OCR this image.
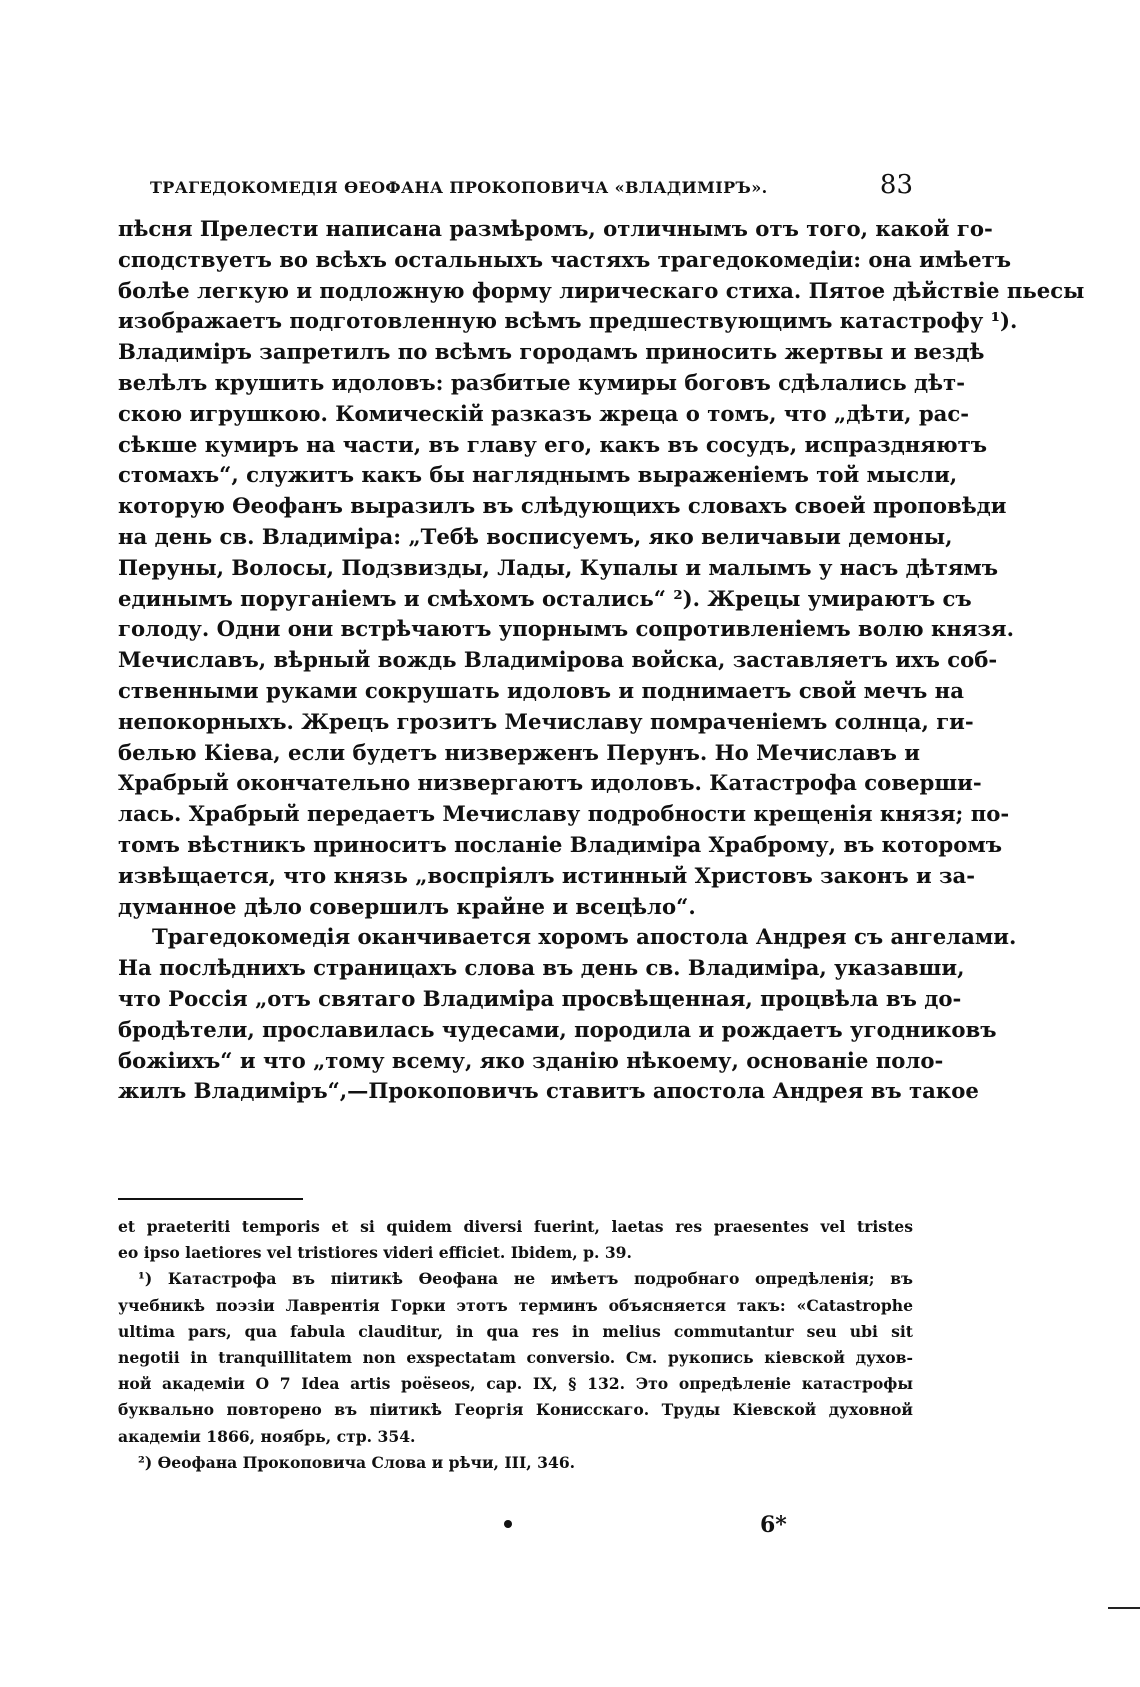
ТРАГЕДОКОМЕДІЯ ӨЕОФАНА ПРОКОПОВИЧА «ВЛАДИМІРЪ».	83
пѣсня Прелести написана размѣромъ, отличнымъ отъ того, какой го-
сподствуетъ во всѣхъ остальныхъ частяхъ трагедокомедіи: она имѣетъ
болѣе легкую и подложную форму лирическаго стиха. Пятое дѣйствіе пьесы
изображаетъ подготовленную всѣмъ предшествующимъ катастрофу ¹).
Владиміръ запретилъ по всѣмъ городамъ приносить жертвы и вездѣ
велѣлъ крушить идоловъ: разбитые кумиры боговъ сдѣлались дѣт-
скою игрушкою. Комическій разказъ жреца о томъ, что „дѣти, рас-
сѣкше кумиръ на части, въ главу его, какъ въ сосудъ, испраздняютъ
стомахъ“, служитъ какъ бы нагляднымъ выраженіемъ той мысли,
которую Өеофанъ выразилъ въ слѣдующихъ словахъ своей проповѣди
на день св. Владиміра: „Тебѣ восписуемъ, яко величавыи демоны,
Перуны, Волосы, Подзвизды, Лады, Купалы и малымъ у насъ дѣтямъ
единымъ поруганіемъ и смѣхомъ остались“ ²). Жрецы умираютъ съ
голоду. Одни они встрѣчаютъ упорнымъ сопротивленіемъ волю князя.
Мечиславъ, вѣрный вождь Владимірова войска, заставляетъ ихъ соб-
ственными руками сокрушать идоловъ и поднимаетъ свой мечъ на
непокорныхъ. Жрецъ грозитъ Мечиславу помраченіемъ солнца, ги-
белью Кіева, если будетъ низверженъ Перунъ. Но Мечиславъ и
Храбрый окончательно низвергаютъ идоловъ. Катастрофа соверши-
лась. Храбрый передаетъ Мечиславу подробности крещенія князя; по-
томъ вѣстникъ приноситъ посланіе Владиміра Храброму, въ которомъ
извѣщается, что князь „воспріялъ истинный Христовъ законъ и за-
думанное дѣло совершилъ крайне и всецѣло“.
Трагедокомедія оканчивается хоромъ апостола Андрея съ ангелами.
На послѣднихъ страницахъ слова въ день св. Владиміра, указавши,
что Россія „отъ святаго Владиміра просвѣщенная, процвѣла въ до-
бродѣтели, прославилась чудесами, породила и рождаетъ угодниковъ
божіихъ“ и что „тому всему, яко зданію нѣкоему, основаніе поло-
жилъ Владиміръ“,—Прокоповичъ ставитъ апостола Андрея въ такое
et praeteriti temporis et si quidem diversi fuerint, laetas res praesentes vel tristes
eo ipso laetiores vel tristiores videri efficiet. Ibidem, p. 39.
¹) Катастрофа въ піитикѣ Өеофана не имѣетъ подробнаго опредѣленія; въ
учебникѣ поэзіи Лаврентія Горки этотъ терминъ объясняется такъ: «Catastrophe
ultima pars, qua fabula clauditur, in qua res in melius commutantur seu ubi sit
negotii in tranquillitatem non exspectatam conversio. См. рукопись кіевской духов-
ной академіи О 7 Idea artis poëseos, cap. IX, § 132. Это опредѣленіе катастрофы
буквально повторено въ піитикѣ Георгія Конисскаго. Труды Кіевской духовной
академіи 1866, ноябрь, стр. 354.
²) Өеофана Прокоповича Слова и рѣчи, III, 346.
6*
